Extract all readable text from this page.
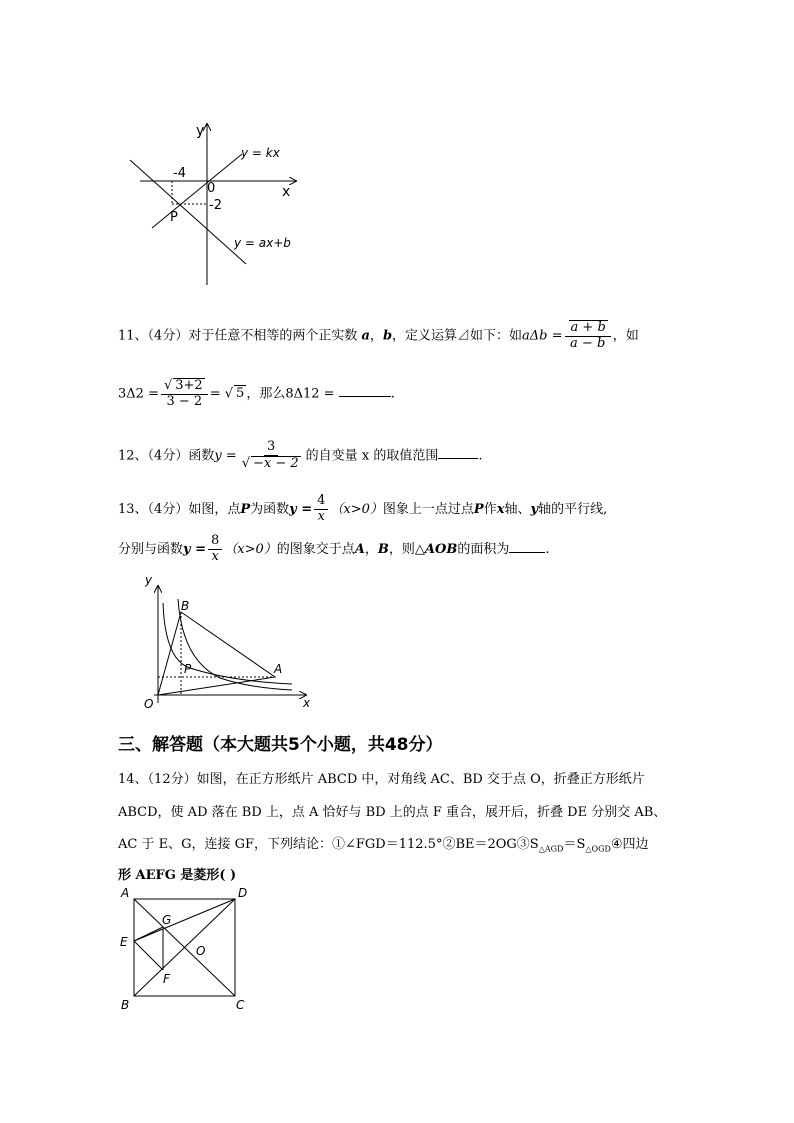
y
x
y = kx
y = ax+b
-4
0
-2
P
11、（4分）对于任意不相等的两个正实数 a，b，定义运算⊿如下：如$a\Delta b = \frac{a + b}{a - b}$ ，如
$3\Delta 2 = \frac{√ 3+2}{3 - 2}$ = √ 5 ，那么8Δ12 =	.
12、（4分）函数$y = \frac{3}{√ -x - 2}$ 的自变量 x 的取值范围	.
13、（4分）如图，点P为函数$y = \frac{4}{x} (x>0)$图象上一点过点P作x轴、y轴的平行线,
分别与函数$y = \frac{8}{x} (x>0)$的图象交于点A，B，则△AOB的面积为	.
y
x
O
B
P	A
三、解答题（本大题共5个小题，共48分）
14、（12分）如图，在正方形纸片 ABCD 中，对角线 AC、BD 交于点 O，折叠正方形纸片
ABCD，使 AD 落在 BD 上，点 A 恰好与 BD 上的点 F 重合，展开后，折叠 DE 分别交 AB、
AC 于 E、G，连接 GF，下列结论：$①\angle FGD=112.5^\circ ②BE=2OG③S_{\triangle AGD}=S_{\triangle OGD}④$四边
形 AEFG 是菱形( )
A	D
G
E
O
F
B	C
